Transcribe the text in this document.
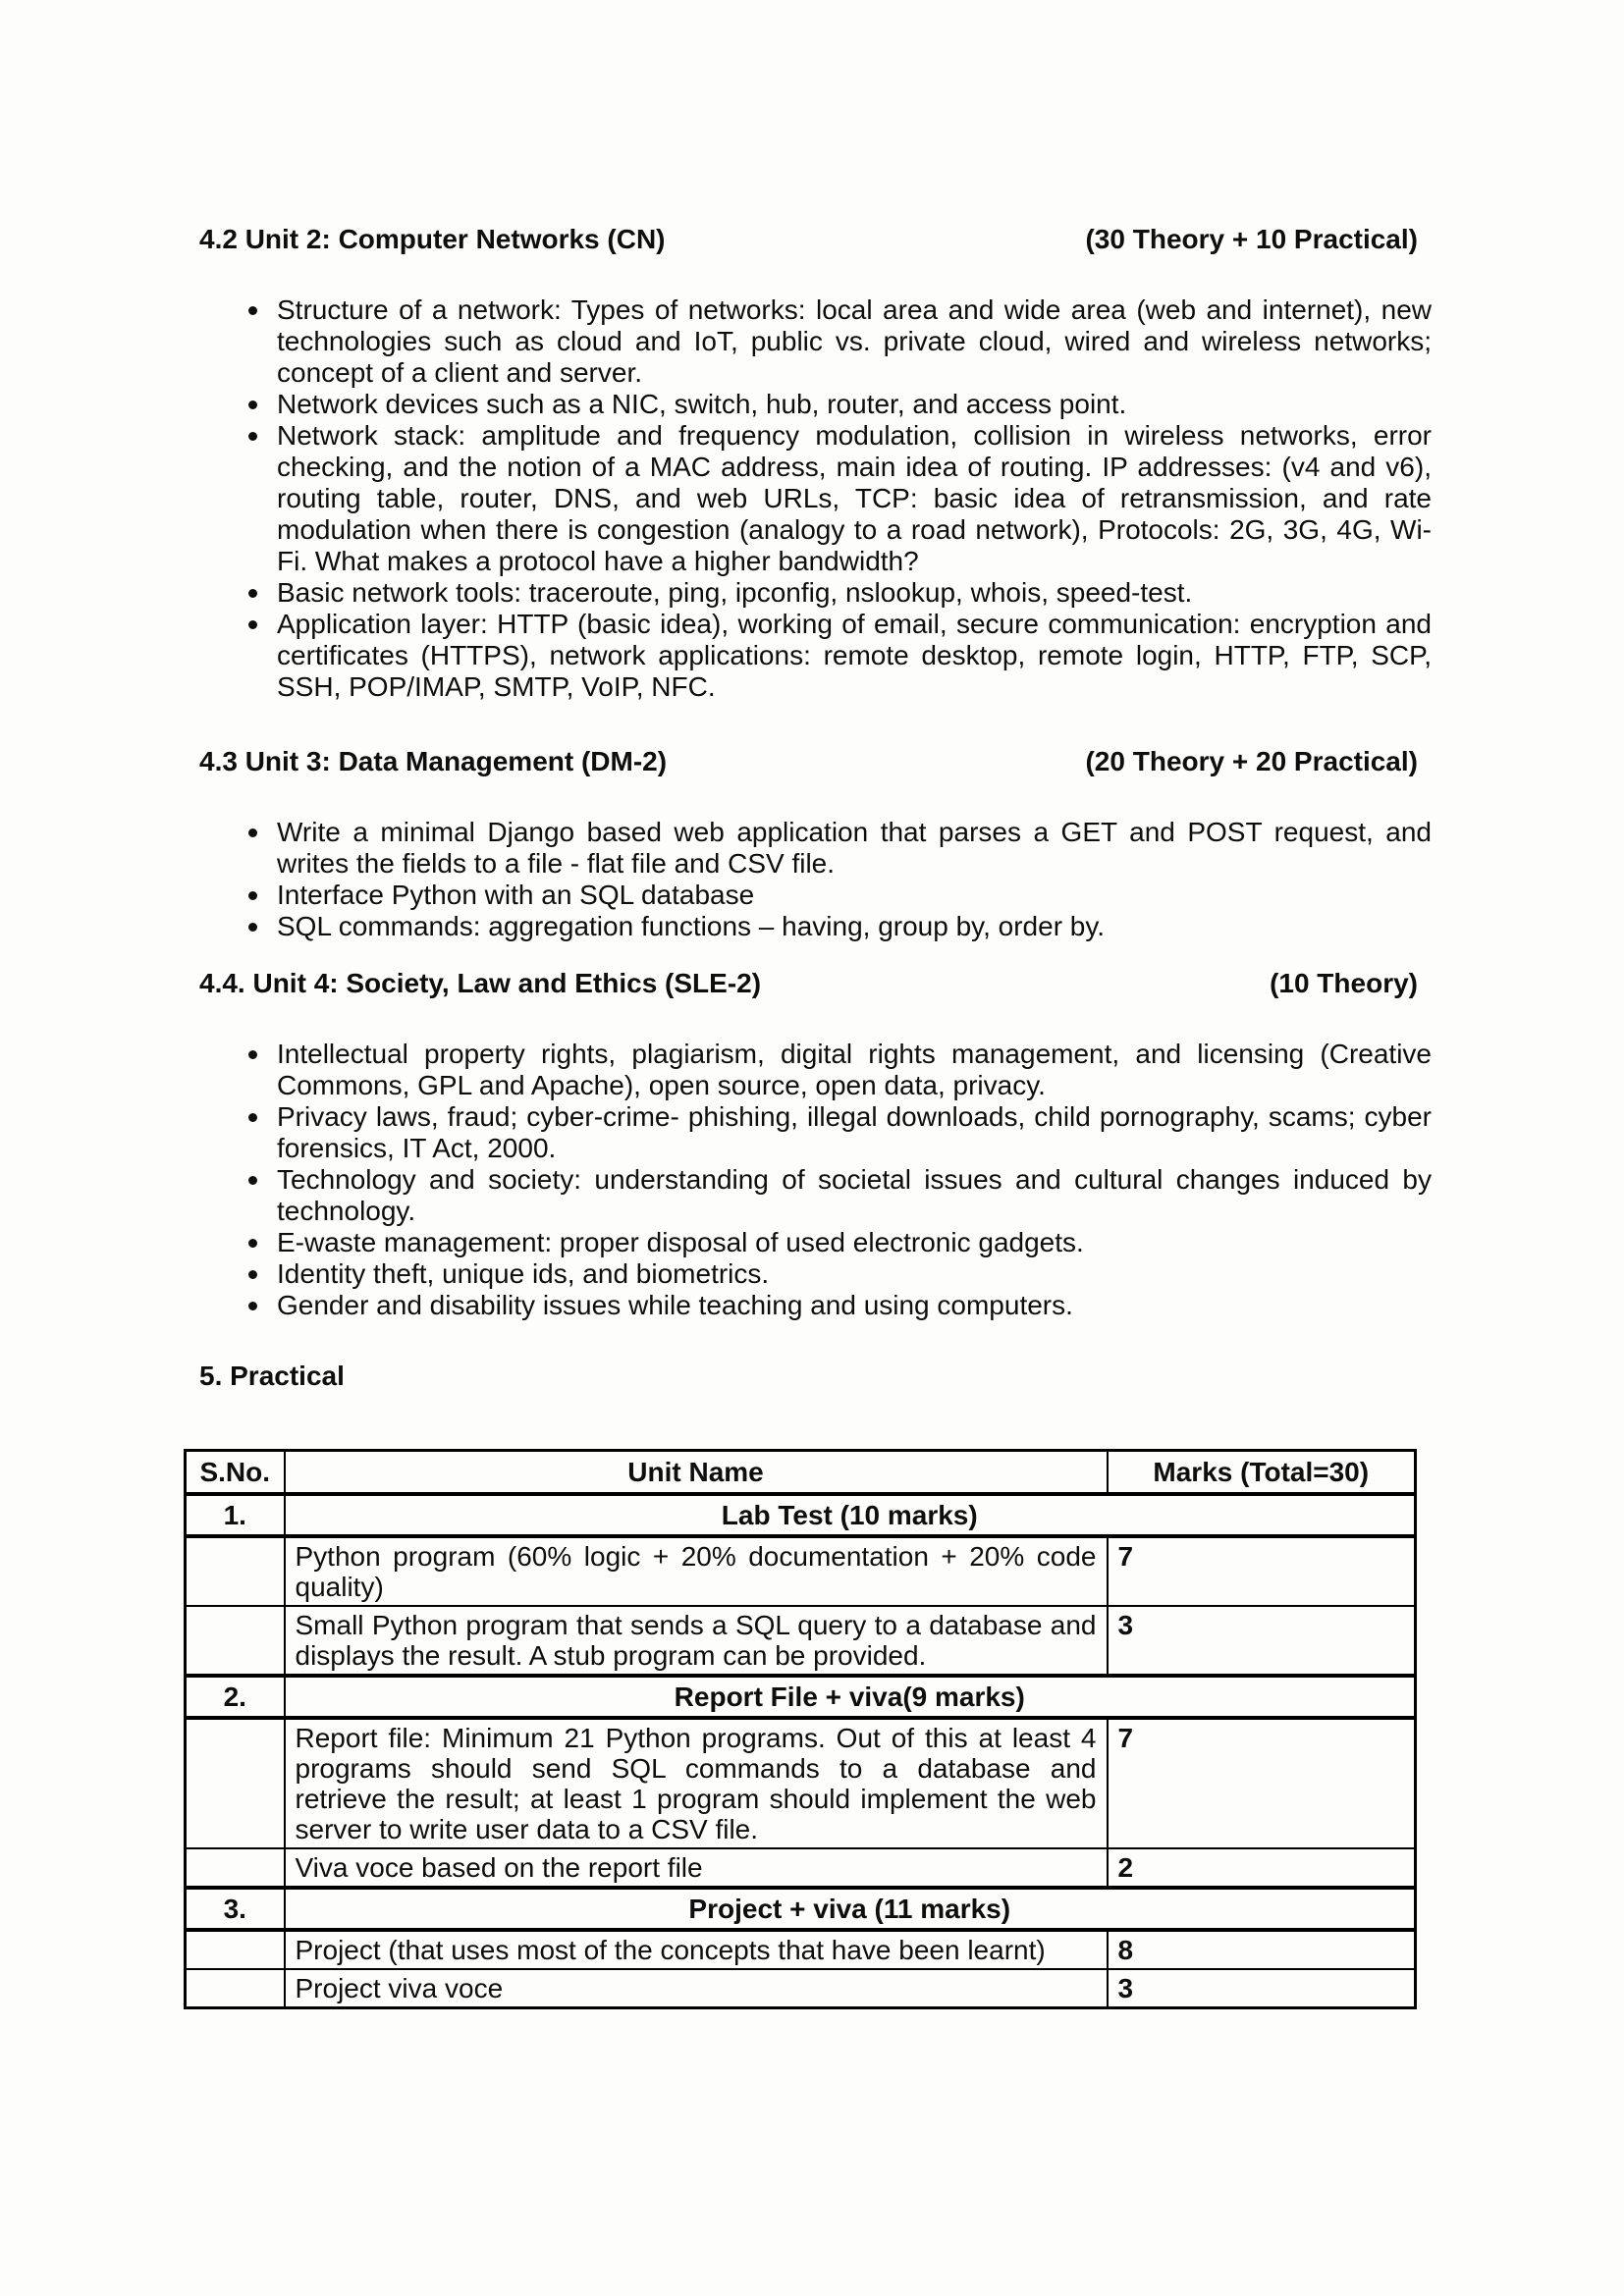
4.2 Unit 2: Computer Networks (CN)	(30 Theory + 10 Practical)
Structure of a network: Types of networks: local area and wide area (web and internet), new technologies such as cloud and IoT, public vs. private cloud, wired and wireless networks; concept of a client and server.
Network devices such as a NIC, switch, hub, router, and access point.
Network stack: amplitude and frequency modulation, collision in wireless networks, error checking, and the notion of a MAC address, main idea of routing. IP addresses: (v4 and v6), routing table, router, DNS, and web URLs, TCP: basic idea of retransmission, and rate modulation when there is congestion (analogy to a road network), Protocols: 2G, 3G, 4G, Wi-Fi. What makes a protocol have a higher bandwidth?
Basic network tools: traceroute, ping, ipconfig, nslookup, whois, speed-test.
Application layer: HTTP (basic idea), working of email, secure communication: encryption and certificates (HTTPS), network applications: remote desktop, remote login, HTTP, FTP, SCP, SSH, POP/IMAP, SMTP, VoIP, NFC.
4.3 Unit 3: Data Management (DM-2)	(20 Theory + 20 Practical)
Write a minimal Django based web application that parses a GET and POST request, and writes the fields to a file - flat file and CSV file.
Interface Python with an SQL database
SQL commands: aggregation functions – having, group by, order by.
4.4. Unit 4: Society, Law and Ethics (SLE-2)	(10 Theory)
Intellectual property rights, plagiarism, digital rights management, and licensing (Creative Commons, GPL and Apache), open source, open data, privacy.
Privacy laws, fraud; cyber-crime- phishing, illegal downloads, child pornography, scams; cyber forensics, IT Act, 2000.
Technology and society: understanding of societal issues and cultural changes induced by technology.
E-waste management: proper disposal of used electronic gadgets.
Identity theft, unique ids, and biometrics.
Gender and disability issues while teaching and using computers.
5. Practical
S.No.	Unit Name	Marks (Total=30)
1.	Lab Test (10 marks)	
	Python program (60% logic + 20% documentation + 20% code quality)	7
	Small Python program that sends a SQL query to a database and displays the result. A stub program can be provided.	3
2.	Report File + viva(9 marks)	
	Report file: Minimum 21 Python programs. Out of this at least 4 programs should send SQL commands to a database and retrieve the result; at least 1 program should implement the web server to write user data to a CSV file.	7
	Viva voce based on the report file	2
3.	Project + viva (11 marks)	
	Project (that uses most of the concepts that have been learnt)	8
	Project viva voce	3
